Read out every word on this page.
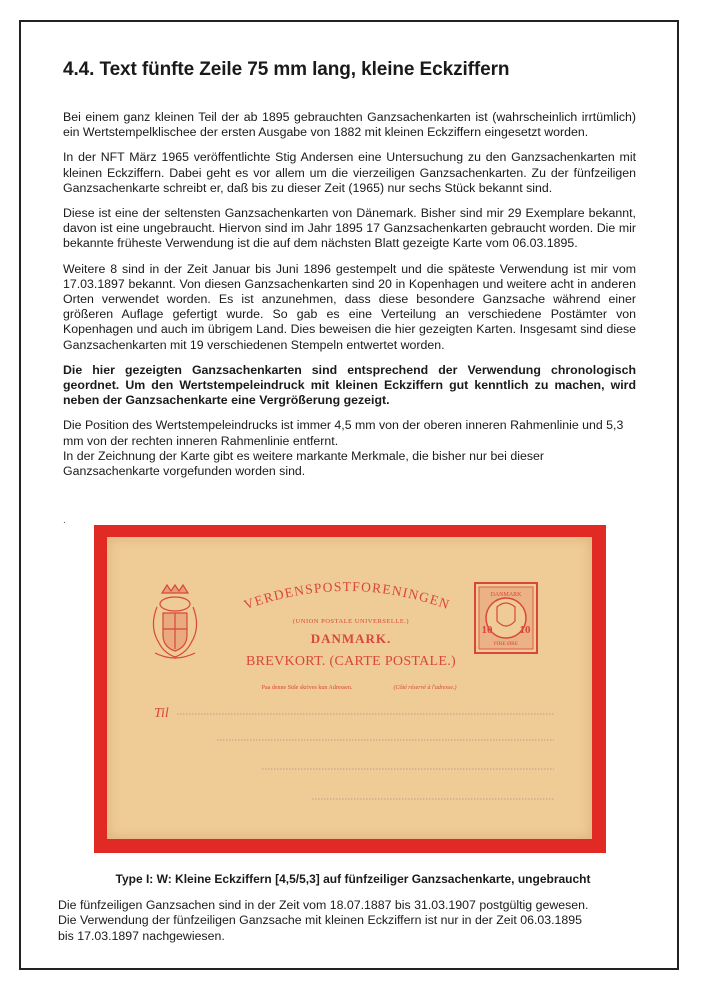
4.4. Text fünfte Zeile 75 mm lang, kleine Eckziffern

Bei einem ganz kleinen Teil der ab 1895 gebrauchten Ganzsachenkarten ist (wahrscheinlich irrtümlich) ein Wertstempelklischee der ersten Ausgabe von 1882 mit kleinen Eckziffern eingesetzt worden.

In der NFT März 1965 veröffentlichte Stig Andersen eine Untersuchung zu den Ganzsachenkarten mit kleinen Eckziffern. Dabei geht es vor allem um die vierzeiligen Ganzsachenkarten. Zu der fünfzeiligen Ganzsachenkarte schreibt er, daß bis zu dieser Zeit (1965) nur sechs Stück bekannt sind.

Diese ist eine der seltensten Ganzsachenkarten von Dänemark. Bisher sind mir 29 Exemplare bekannt, davon ist eine ungebraucht. Hiervon sind im Jahr 1895 17 Ganzsachenkarten gebraucht worden. Die mir bekannte früheste Verwendung ist die auf dem nächsten Blatt gezeigte Karte vom 06.03.1895.

Weitere 8 sind in der Zeit Januar bis Juni 1896 gestempelt und die späteste Verwendung ist mir vom 17.03.1897 bekannt. Von diesen Ganzsachenkarten sind 20 in Kopenhagen und weitere acht in anderen Orten verwendet worden. Es ist anzunehmen, dass diese besondere Ganzsache während einer größeren Auflage gefertigt wurde. So gab es eine Verteilung an verschiedene Postämter von Kopenhagen und auch im übrigem Land. Dies beweisen die hier gezeigten Karten. Insgesamt sind diese Ganzsachenkarten mit 19 verschiedenen Stempeln entwertet worden.

Die hier gezeigten Ganzsachenkarten sind entsprechend der Verwendung chronologisch geordnet. Um den Wertstempeleindruck mit kleinen Eckziffern gut kenntlich zu machen, wird neben der Ganzsachenkarte eine Vergrößerung gezeigt.

Die Position des Wertstempeleindrucks ist immer 4,5 mm von der oberen inneren Rahmenlinie und 5,3 mm von der rechten inneren Rahmenlinie entfernt.

In der Zeichnung der Karte gibt es weitere markante Merkmale, die bisher nur bei dieser Ganzsachenkarte vorgefunden worden sind.

.
VERDENSPOSTFORENINGEN
(UNION POSTALE UNIVERSELLE.)
DANMARK.
BREVKORT. (CARTE POSTALE.)
Paa denne Side skrives kun Adressen.	(Côté réservé à l'adresse.)
DANMARK
FIRE ØRE
10 10
Til
Type I: W: Kleine Eckziffern [4,5/5,3] auf fünfzeiliger Ganzsachenkarte, ungebraucht

Die fünfzeiligen Ganzsachen sind in der Zeit vom 18.07.1887 bis 31.03.1907 postgültig gewesen.

Die Verwendung der fünfzeiligen Ganzsache mit kleinen Eckziffern ist nur in der Zeit 06.03.1895

bis 17.03.1897 nachgewiesen.
